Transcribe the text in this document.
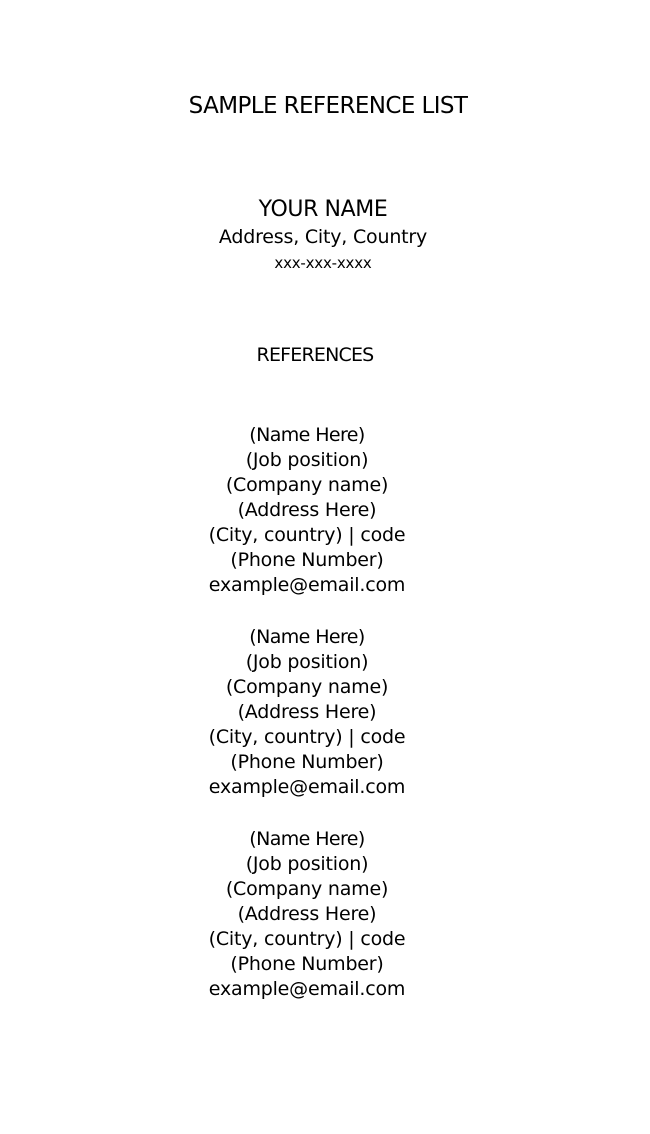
SAMPLE REFERENCE LIST
YOUR NAME
Address, City, Country
xxx-xxx-xxxx
REFERENCES
(Name Here)
(Job position)
(Company name)
(Address Here)
(City, country) | code
(Phone Number)
example@email.com
(Name Here)
(Job position)
(Company name)
(Address Here)
(City, country) | code
(Phone Number)
example@email.com
(Name Here)
(Job position)
(Company name)
(Address Here)
(City, country) | code
(Phone Number)
example@email.com
